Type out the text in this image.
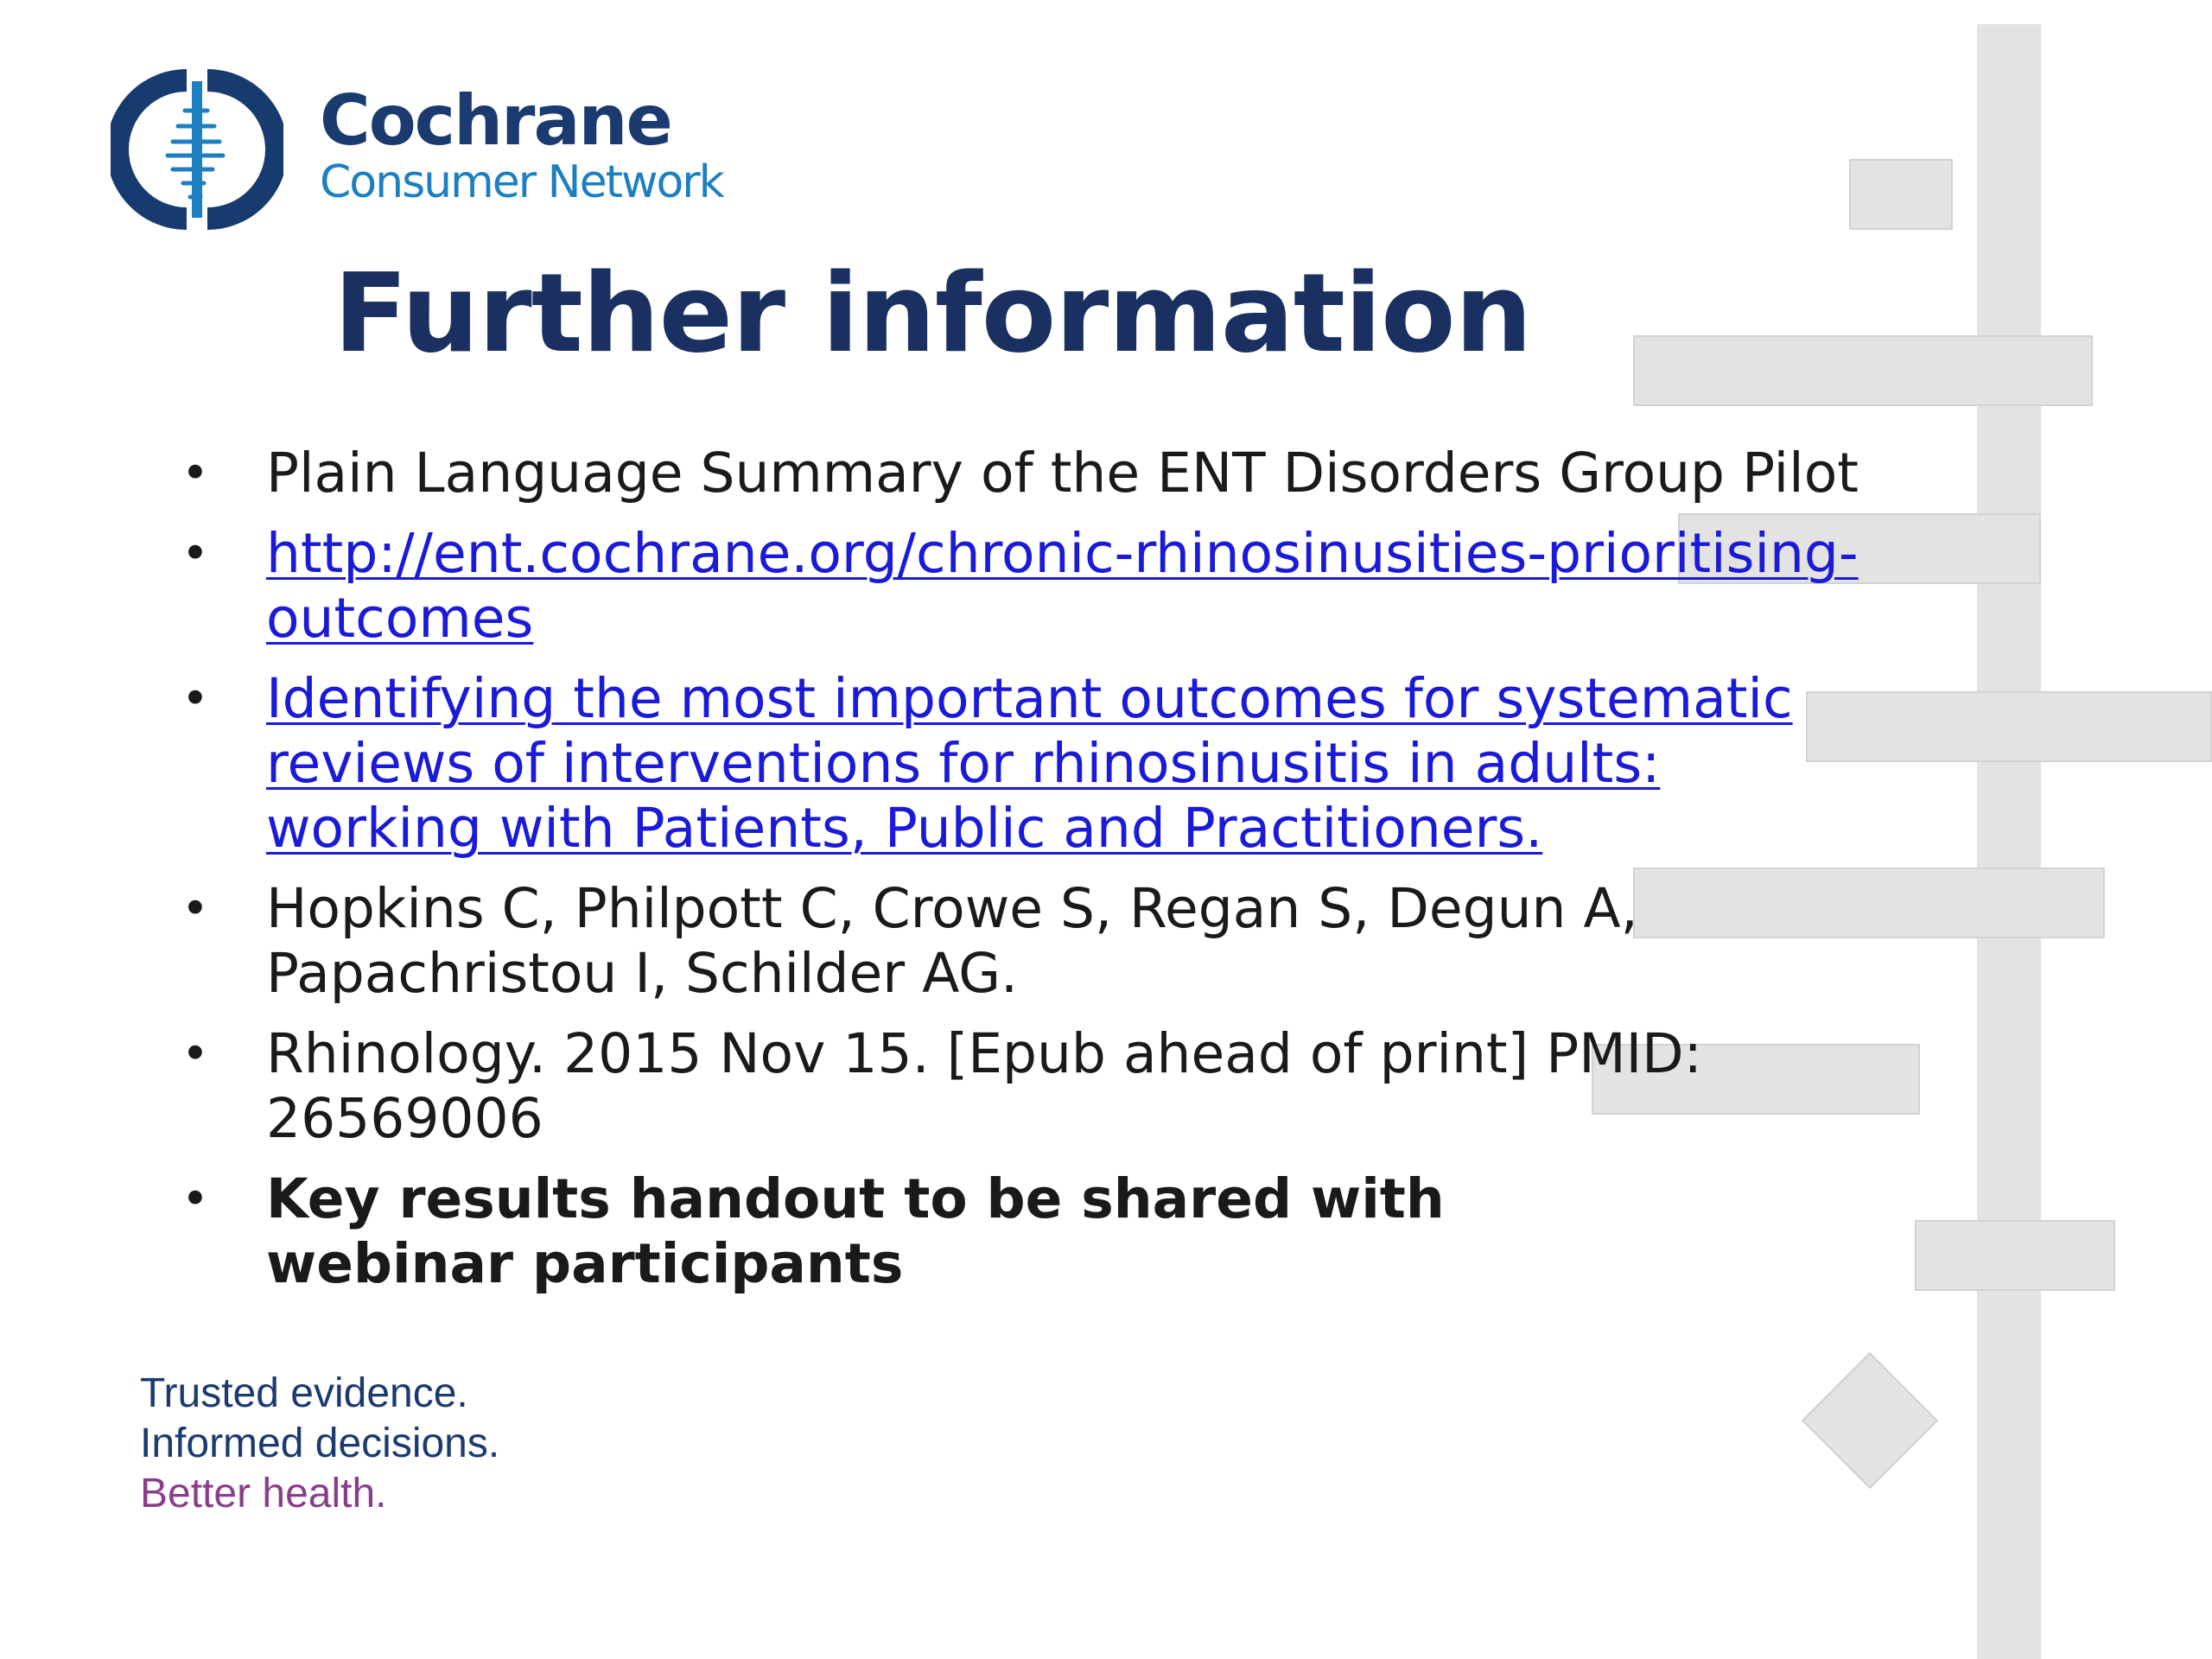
Cochrane
Consumer Network
Further information
• Plain Language Summary of the ENT Disorders Group Pilot
• http://ent.cochrane.org/chronic-rhinosinusities-prioritising-outcomes
• Identifying the most important outcomes for systematic reviews of interventions for rhinosinusitis in adults: working with Patients, Public and Practitioners.
• Hopkins C, Philpott C, Crowe S, Regan S, Degun A, Papachristou I, Schilder AG.
• Rhinology. 2015 Nov 15. [Epub ahead of print] PMID: 26569006
• Key results handout to be shared with webinar participants
Trusted evidence.
Informed decisions.
Better health.
